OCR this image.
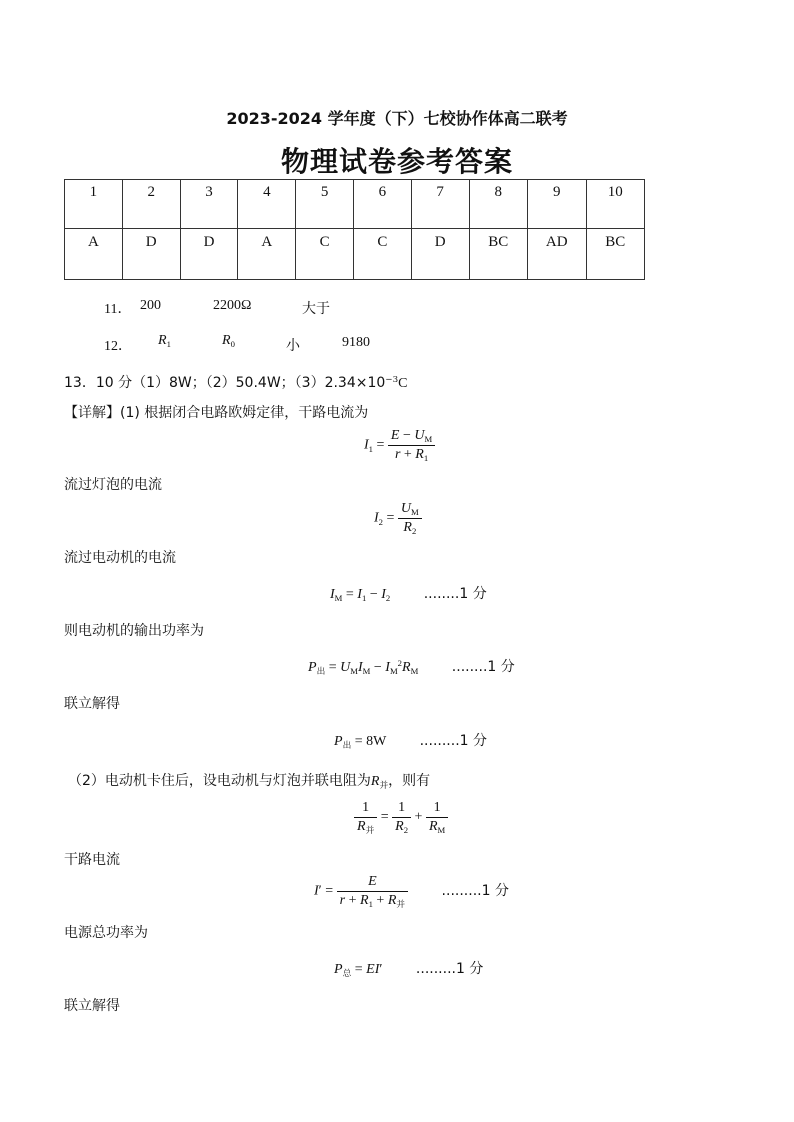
2023-2024 学年度（下）七校协作体高二联考
物理试卷参考答案
1	2	3	4	5	6	7	8	9	10
A	D	D	A	C	C	D	BC	AD	BC
11． 200	2200Ω	大于
12． $R_1$	$R_0$	小	9180
13．10 分（1）8W；（2）50.4W；$(3)2.34\times 10^{-3}C$
【详解】(1) 根据闭合电路欧姆定律，干路电流为
$I_1 = \frac{E - U_M}{r + R_1}$
流过灯泡的电流
$I_2 = \frac{U_M}{R_2}$
流过电动机的电流
$I_M = I_1 - I_2$ ........1 分
则电动机的输出功率为
$P_出 = U_MI_M - I_M^2R_M$ ........1 分
联立解得
$P_出 = 8W$ .........1 分
（2）电动机卡住后，设电动机与灯泡并联电阻为$R_并$，则有
$\frac{1}{R_并} = \frac{1}{R_2} + \frac{1}{R_M}$
干路电流
$I' = \frac{E}{r + R_1 + R_并} .........1$ 分
电源总功率为
$P_总 = EI'$ .........1 分
联立解得
